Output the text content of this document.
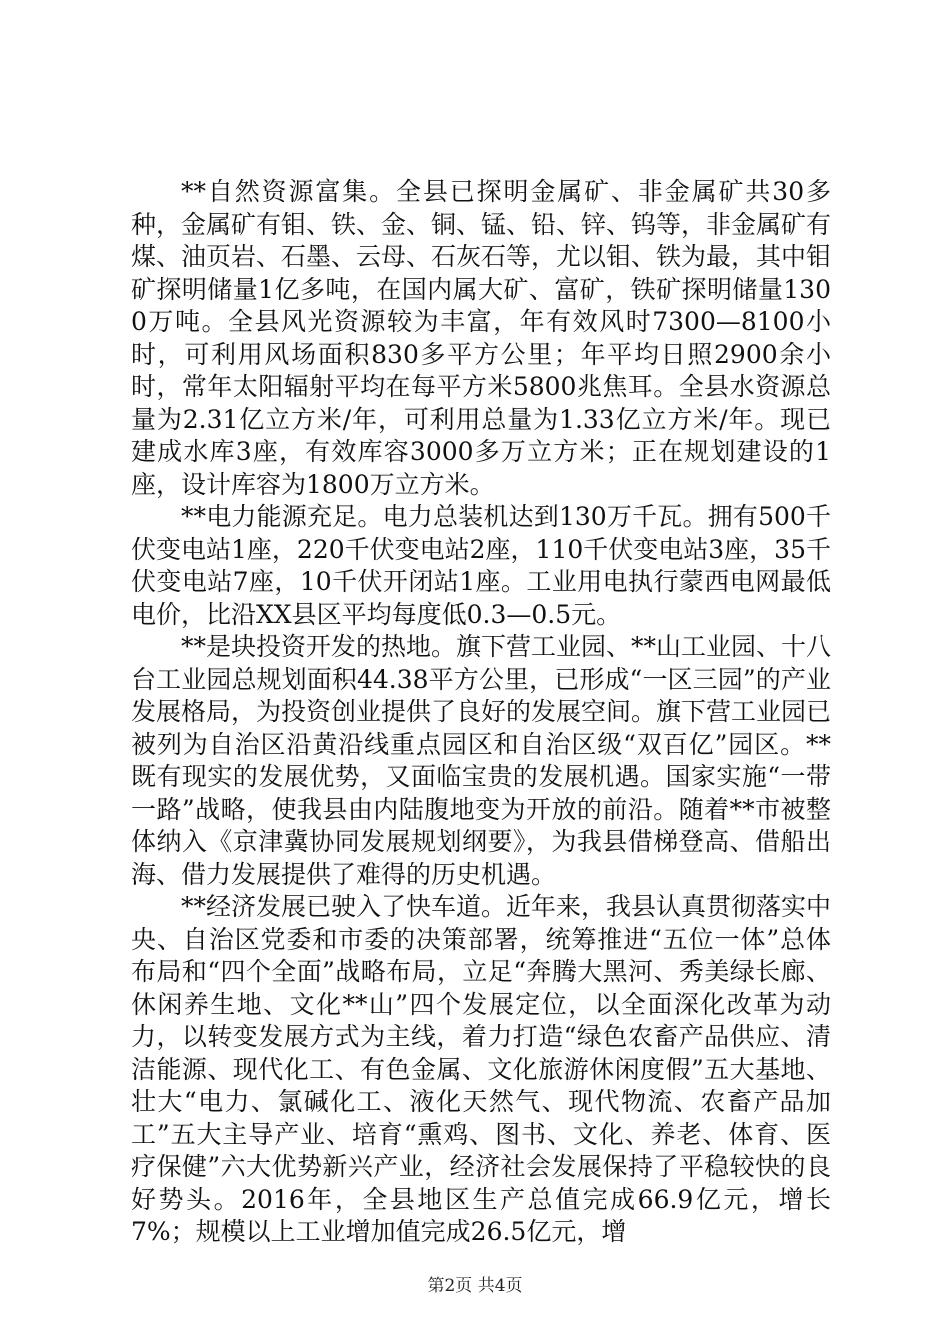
**自然资源富集。全县已探明金属矿、非金属矿共30多种，金属矿有钼、铁、金、铜、锰、铅、锌、钨等，非金属矿有煤、油页岩、石墨、云母、石灰石等，尤以钼、铁为最，其中钼矿探明储量1亿多吨，在国内属大矿、富矿，铁矿探明储量1300万吨。全县风光资源较为丰富，年有效风时7300—8100小时，可利用风场面积830多平方公里；年平均日照2900余小时，常年太阳辐射平均在每平方米5800兆焦耳。全县水资源总量为2.31亿立方米/年，可利用总量为1.33亿立方米/年。现已建成水库3座，有效库容3000多万立方米；正在规划建设的1座，设计库容为1800万立方米。

**电力能源充足。电力总装机达到130万千瓦。拥有500千伏变电站1座，220千伏变电站2座，110千伏变电站3座，35千伏变电站7座，10千伏开闭站1座。工业用电执行蒙西电网最低电价，比沿XX县区平均每度低0.3—0.5元。

**是块投资开发的热地。旗下营工业园、**山工业园、十八台工业园总规划面积44.38平方公里，已形成“一区三园”的产业发展格局，为投资创业提供了良好的发展空间。旗下营工业园已被列为自治区沿黄沿线重点园区和自治区级“双百亿”园区。**既有现实的发展优势，又面临宝贵的发展机遇。国家实施“一带一路”战略，使我县由内陆腹地变为开放的前沿。随着**市被整体纳入《京津冀协同发展规划纲要》，为我县借梯登高、借船出海、借力发展提供了难得的历史机遇。

**经济发展已驶入了快车道。近年来，我县认真贯彻落实中央、自治区党委和市委的决策部署，统筹推进“五位一体”总体布局和“四个全面”战略布局，立足“奔腾大黑河、秀美绿长廊、休闲养生地、文化**山”四个发展定位，以全面深化改革为动力，以转变发展方式为主线，着力打造“绿色农畜产品供应、清洁能源、现代化工、有色金属、文化旅游休闲度假”五大基地、壮大“电力、氯碱化工、液化天然气、现代物流、农畜产品加工”五大主导产业、培育“熏鸡、图书、文化、养老、体育、医疗保健”六大优势新兴产业，经济社会发展保持了平稳较快的良好势头。2016年，全县地区生产总值完成66.9亿元，增长7%；规模以上工业增加值完成26.5亿元，增

第2页 共4页
